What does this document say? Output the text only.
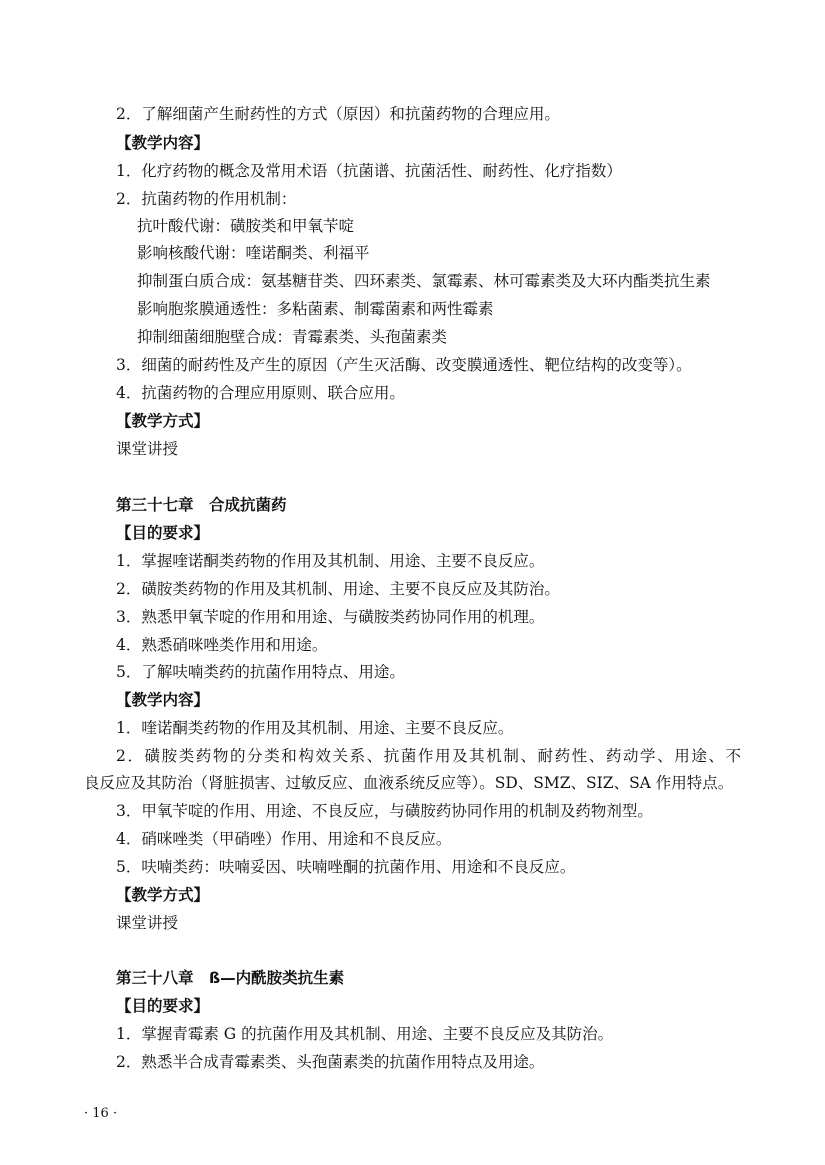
2．了解细菌产生耐药性的方式（原因）和抗菌药物的合理应用。
【教学内容】
1．化疗药物的概念及常用术语（抗菌谱、抗菌活性、耐药性、化疗指数）
2．抗菌药物的作用机制：
抗叶酸代谢：磺胺类和甲氧苄啶
影响核酸代谢：喹诺酮类、利福平
抑制蛋白质合成：氨基糖苷类、四环素类、氯霉素、林可霉素类及大环内酯类抗生素
影响胞浆膜通透性：多粘菌素、制霉菌素和两性霉素
抑制细菌细胞壁合成：青霉素类、头孢菌素类
3．细菌的耐药性及产生的原因（产生灭活酶、改变膜通透性、靶位结构的改变等）。
4．抗菌药物的合理应用原则、联合应用。
【教学方式】
课堂讲授
第三十七章　合成抗菌药
【目的要求】
1．掌握喹诺酮类药物的作用及其机制、用途、主要不良反应。
2．磺胺类药物的作用及其机制、用途、主要不良反应及其防治。
3．熟悉甲氧苄啶的作用和用途、与磺胺类药协同作用的机理。
4．熟悉硝咪唑类作用和用途。
5．了解呋喃类药的抗菌作用特点、用途。
【教学内容】
1．喹诺酮类药物的作用及其机制、用途、主要不良反应。
2．磺胺类药物的分类和构效关系、抗菌作用及其机制、耐药性、药动学、用途、不
良反应及其防治（肾脏损害、过敏反应、血液系统反应等）。SD、SMZ、SIZ、SA 作用特点。
3．甲氧苄啶的作用、用途、不良反应，与磺胺药协同作用的机制及药物剂型。
4．硝咪唑类（甲硝唑）作用、用途和不良反应。
5．呋喃类药：呋喃妥因、呋喃唑酮的抗菌作用、用途和不良反应。
【教学方式】
课堂讲授
第三十八章　ß—内酰胺类抗生素
【目的要求】
1．掌握青霉素 G 的抗菌作用及其机制、用途、主要不良反应及其防治。
2．熟悉半合成青霉素类、头孢菌素类的抗菌作用特点及用途。
· 16 ·
